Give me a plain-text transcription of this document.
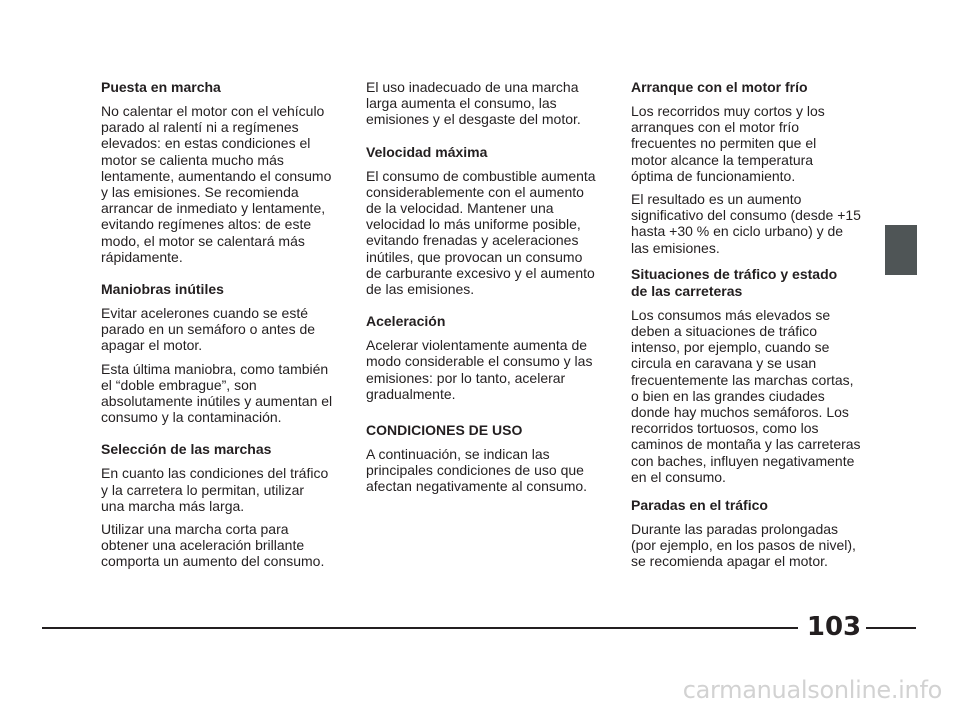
Puesta en marcha
No calentar el motor con el vehículo
parado al ralentí ni a regímenes
elevados: en estas condiciones el
motor se calienta mucho más
lentamente, aumentando el consumo
y las emisiones. Se recomienda
arrancar de inmediato y lentamente,
evitando regímenes altos: de este
modo, el motor se calentará más
rápidamente.
Maniobras inútiles
Evitar acelerones cuando se esté
parado en un semáforo o antes de
apagar el motor.
Esta última maniobra, como también
el “doble embrague”, son
absolutamente inútiles y aumentan el
consumo y la contaminación.
Selección de las marchas
En cuanto las condiciones del tráfico
y la carretera lo permitan, utilizar
una marcha más larga.
Utilizar una marcha corta para
obtener una aceleración brillante
comporta un aumento del consumo.
El uso inadecuado de una marcha
larga aumenta el consumo, las
emisiones y el desgaste del motor.
Velocidad máxima
El consumo de combustible aumenta
considerablemente con el aumento
de la velocidad. Mantener una
velocidad lo más uniforme posible,
evitando frenadas y aceleraciones
inútiles, que provocan un consumo
de carburante excesivo y el aumento
de las emisiones.
Aceleración
Acelerar violentamente aumenta de
modo considerable el consumo y las
emisiones: por lo tanto, acelerar
gradualmente.
CONDICIONES DE USO
A continuación, se indican las
principales condiciones de uso que
afectan negativamente al consumo.
Arranque con el motor frío
Los recorridos muy cortos y los
arranques con el motor frío
frecuentes no permiten que el
motor alcance la temperatura
óptima de funcionamiento.
El resultado es un aumento
significativo del consumo (desde +15
hasta +30 % en ciclo urbano) y de
las emisiones.
Situaciones de tráfico y estado
de las carreteras
Los consumos más elevados se
deben a situaciones de tráfico
intenso, por ejemplo, cuando se
circula en caravana y se usan
frecuentemente las marchas cortas,
o bien en las grandes ciudades
donde hay muchos semáforos. Los
recorridos tortuosos, como los
caminos de montaña y las carreteras
con baches, influyen negativamente
en el consumo.
Paradas en el tráfico
Durante las paradas prolongadas
(por ejemplo, en los pasos de nivel),
se recomienda apagar el motor.
103
carmanualsonline.info
